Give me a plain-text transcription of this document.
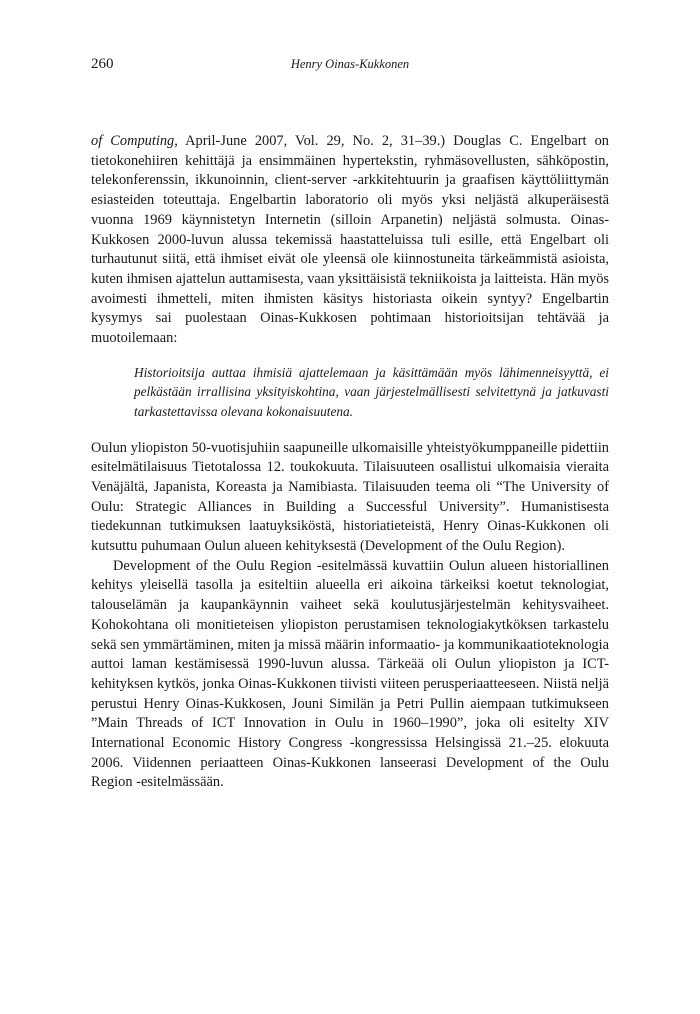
260	Henry Oinas-Kukkonen

of Computing, April-June 2007, Vol. 29, No. 2, 31–39.) Douglas C. Engelbart on tietokonehiiren kehittäjä ja ensimmäinen hypertekstin, ryhmäsovellusten, sähköpostin, telekonferenssin, ikkunoinnin, client-server -arkkitehtuurin ja graafisen käyttöliittymän esiasteiden toteuttaja. Engelbartin laboratorio oli myös yksi neljästä alkuperäisestä vuonna 1969 käynnistetyn Internetin (silloin Arpanetin) neljästä solmusta. Oinas-Kukkosen 2000-luvun alussa tekemissä haastatteluissa tuli esille, että Engelbart oli turhautunut siitä, että ihmiset eivät ole yleensä ole kiinnostuneita tärkeämmistä asioista, kuten ihmisen ajattelun auttamisesta, vaan yksittäisistä tekniikoista ja laitteista. Hän myös avoimesti ihmetteli, miten ihmisten käsitys historiasta oikein syntyy? Engelbartin kysymys sai puolestaan Oinas-Kukkosen pohtimaan historioitsijan tehtävää ja muotoilemaan:

Historioitsija auttaa ihmisiä ajattelemaan ja käsittämään myös lähimenneisyyttä, ei pelkästään irrallisina yksityiskohtina, vaan järjestelmällisesti selvitettynä ja jatkuvasti tarkastettavissa olevana kokonaisuutena.

Oulun yliopiston 50-vuotisjuhiin saapuneille ulkomaisille yhteistyökumppaneille pidettiin esitelmätilaisuus Tietotalossa 12. toukokuuta. Tilaisuuteen osallistui ulkomaisia vieraita Venäjältä, Japanista, Koreasta ja Namibiasta. Tilaisuuden teema oli “The University of Oulu: Strategic Alliances in Building a Successful University”. Humanistisesta tiedekunnan tutkimuksen laatuyksiköstä, historiatieteistä, Henry Oinas-Kukkonen oli kutsuttu puhumaan Oulun alueen kehityksestä (Development of the Oulu Region).

Development of the Oulu Region -esitelmässä kuvattiin Oulun alueen historiallinen kehitys yleisellä tasolla ja esiteltiin alueella eri aikoina tärkeiksi koetut teknologiat, talouselämän ja kaupankäynnin vaiheet sekä koulutusjärjestelmän kehitysvaiheet. Kohokohtana oli monitieteisen yliopiston perustamisen teknologiakytköksen tarkastelu sekä sen ymmärtäminen, miten ja missä määrin informaatio- ja kommunikaatioteknologia auttoi laman kestämisessä 1990-luvun alussa. Tärkeää oli Oulun yliopiston ja ICT-kehityksen kytkös, jonka Oinas-Kukkonen tiivisti viiteen perusperiaatteeseen. Niistä neljä perustui Henry Oinas-Kukkosen, Jouni Similän ja Petri Pullin aiempaan tutkimukseen ”Main Threads of ICT Innovation in Oulu in 1960–1990”, joka oli esitelty XIV International Economic History Congress -kongressissa Helsingissä 21.–25. elokuuta 2006. Viidennen periaatteen Oinas-Kukkonen lanseerasi Development of the Oulu Region -esitelmässään.
